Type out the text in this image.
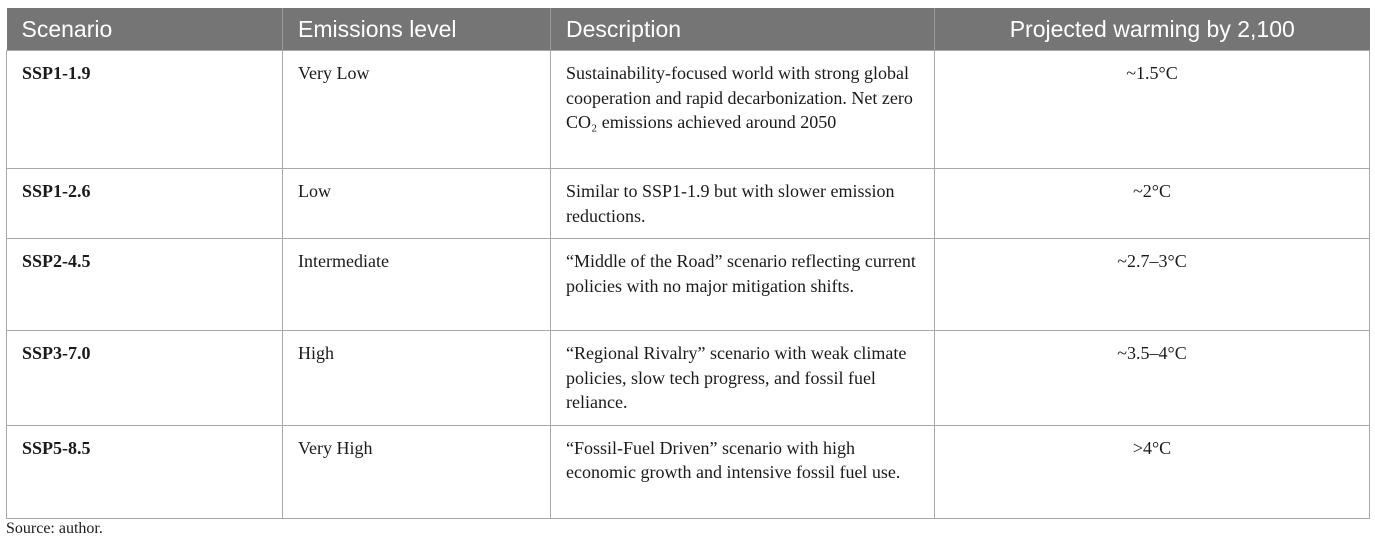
Scenario	Emissions level	Description	Projected warming by 2,100
SSP1-1.9	Very Low	Sustainability-focused world with strong global cooperation and rapid decarbonization. Net zero CO₂ emissions achieved around 2050	~1.5°C
SSP1-2.6	Low	Similar to SSP1-1.9 but with slower emission reductions.	~2°C
SSP2-4.5	Intermediate	“Middle of the Road” scenario reflecting current policies with no major mitigation shifts.	~2.7–3°C
SSP3-7.0	High	“Regional Rivalry” scenario with weak climate policies, slow tech progress, and fossil fuel reliance.	~3.5–4°C
SSP5-8.5	Very High	“Fossil-Fuel Driven” scenario with high economic growth and intensive fossil fuel use.	>4°C
Source: author.
